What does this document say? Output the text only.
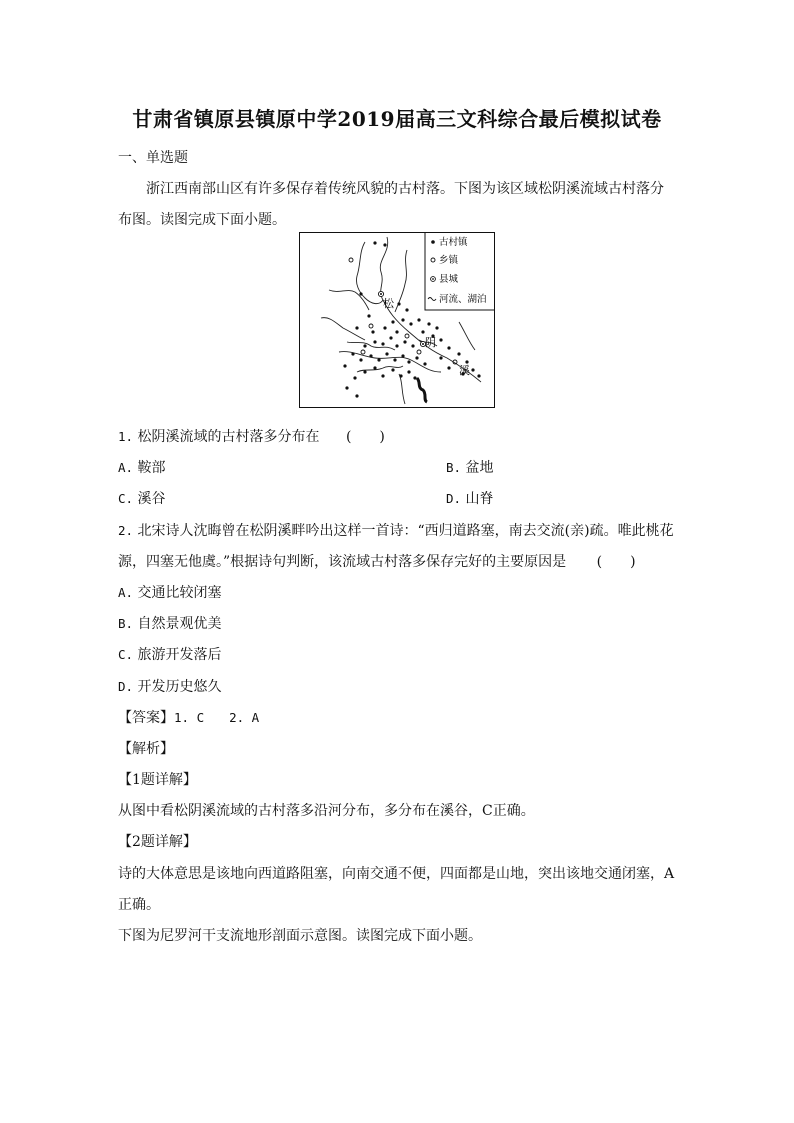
甘肃省镇原县镇原中学2019届高三文科综合最后模拟试卷
一、单选题
浙江西南部山区有许多保存着传统风貌的古村落。下图为该区域松阴溪流域古村落分
布图。读图完成下面小题。
古村镇
乡镇
县城
河流、湖泊
松
阴
溪
1. 松阴溪流域的古村落多分布在 (　　)
A. 鞍部	B. 盆地
C. 溪谷	D. 山脊
2. 北宋诗人沈晦曾在松阴溪畔吟出这样一首诗：“西归道路塞，南去交流(亲)疏。唯此桃花
源，四塞无他虞。”根据诗句判断，该流域古村落多保存完好的主要原因是 (　　)
A. 交通比较闭塞
B. 自然景观优美
C. 旅游开发落后
D. 开发历史悠久
【答案】1. C　　2. A
【解析】
【1题详解】
从图中看松阴溪流域的古村落多沿河分布，多分布在溪谷，C正确。
【2题详解】
诗的大体意思是该地向西道路阻塞，向南交通不便，四面都是山地，突出该地交通闭塞，A
正确。
下图为尼罗河干支流地形剖面示意图。读图完成下面小题。
